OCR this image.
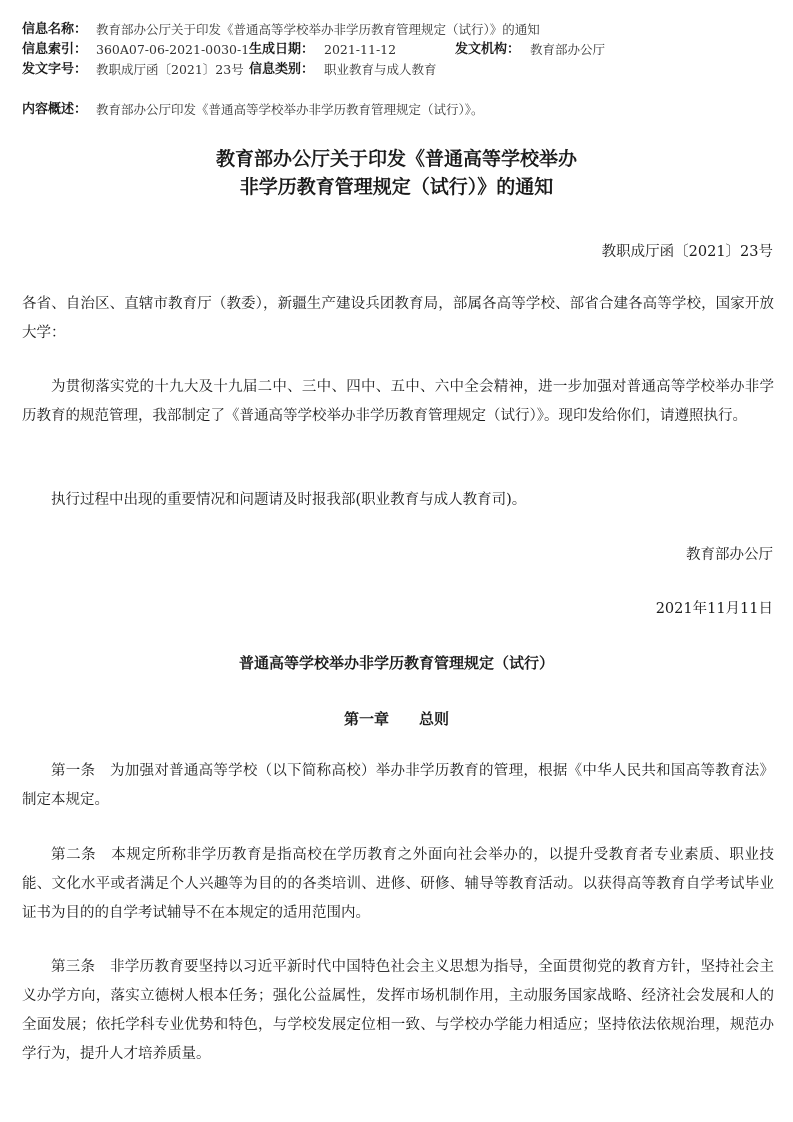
信息名称： 教育部办公厅关于印发《普通高等学校举办非学历教育管理规定（试行）》的通知
信息索引： 360A07-06-2021-0030-1 生成日期： 2021-11-12	发文机构： 教育部办公厅
发文字号： 教职成厅函〔2021〕23号 信息类别： 职业教育与成人教育
内容概述： 教育部办公厅印发《普通高等学校举办非学历教育管理规定（试行）》。
教育部办公厅关于印发《普通高等学校举办
非学历教育管理规定（试行）》的通知
教职成厅函〔2021〕23号
各省、自治区、直辖市教育厅（教委），新疆生产建设兵团教育局，部属各高等学校、部省合建各高等学校，国家开放大学：
为贯彻落实党的十九大及十九届二中、三中、四中、五中、六中全会精神，进一步加强对普通高等学校举办非学历教育的规范管理，我部制定了《普通高等学校举办非学历教育管理规定（试行）》。现印发给你们，请遵照执行。
执行过程中出现的重要情况和问题请及时报我部(职业教育与成人教育司)。
教育部办公厅
2021年11月11日
普通高等学校举办非学历教育管理规定（试行）
第一章　　总则
第一条　为加强对普通高等学校（以下简称高校）举办非学历教育的管理，根据《中华人民共和国高等教育法》制定本规定。
第二条　本规定所称非学历教育是指高校在学历教育之外面向社会举办的，以提升受教育者专业素质、职业技能、文化水平或者满足个人兴趣等为目的的各类培训、进修、研修、辅导等教育活动。以获得高等教育自学考试毕业证书为目的的自学考试辅导不在本规定的适用范围内。
第三条　非学历教育要坚持以习近平新时代中国特色社会主义思想为指导，全面贯彻党的教育方针，坚持社会主义办学方向，落实立德树人根本任务；强化公益属性，发挥市场机制作用，主动服务国家战略、经济社会发展和人的全面发展；依托学科专业优势和特色，与学校发展定位相一致、与学校办学能力相适应；坚持依法依规治理，规范办学行为，提升人才培养质量。
